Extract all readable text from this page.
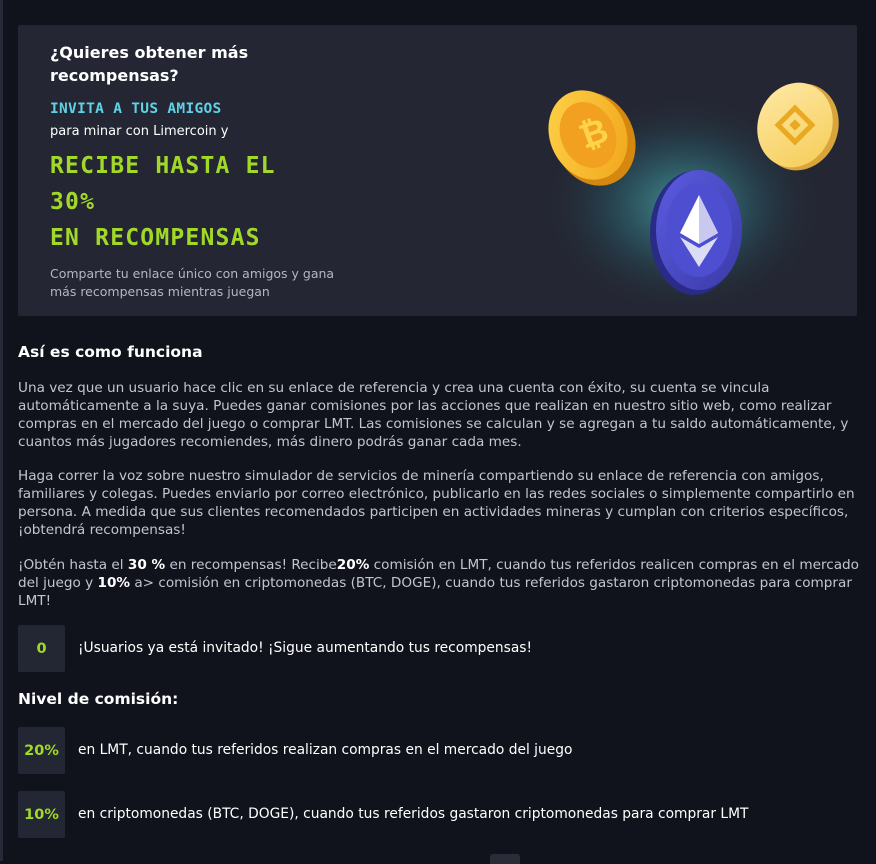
¿Quieres obtener más recompensas?
INVITA A TUS AMIGOS
para minar con Limercoin y
RECIBE HASTA EL
30%
EN RECOMPENSAS
Comparte tu enlace único con amigos y gana más recompensas mientras juegan
₿
Así es como funciona

Una vez que un usuario hace clic en su enlace de referencia y crea una cuenta con éxito, su cuenta se vincula automáticamente a la suya. Puedes ganar comisiones por las acciones que realizan en nuestro sitio web, como realizar compras en el mercado del juego o comprar LMT. Las comisiones se calculan y se agregan a tu saldo automáticamente, y cuantos más jugadores recomiendes, más dinero podrás ganar cada mes.

Haga correr la voz sobre nuestro simulador de servicios de minería compartiendo su enlace de referencia con amigos, familiares y colegas. Puedes enviarlo por correo electrónico, publicarlo en las redes sociales o simplemente compartirlo en persona. A medida que sus clientes recomendados participen en actividades mineras y cumplan con criterios específicos, ¡obtendrá recompensas!

¡Obtén hasta el 30 % en recompensas! Recibe20% comisión en LMT, cuando tus referidos realicen compras en el mercado del juego y 10% a> comisión en criptomonedas (BTC, DOGE), cuando tus referidos gastaron criptomonedas para comprar LMT!

0	¡Usuarios ya está invitado! ¡Sigue aumentando tus recompensas!
Nivel de comisión:
20%	en LMT, cuando tus referidos realizan compras en el mercado del juego
10%	en criptomonedas (BTC, DOGE), cuando tus referidos gastaron criptomonedas para comprar LMT
